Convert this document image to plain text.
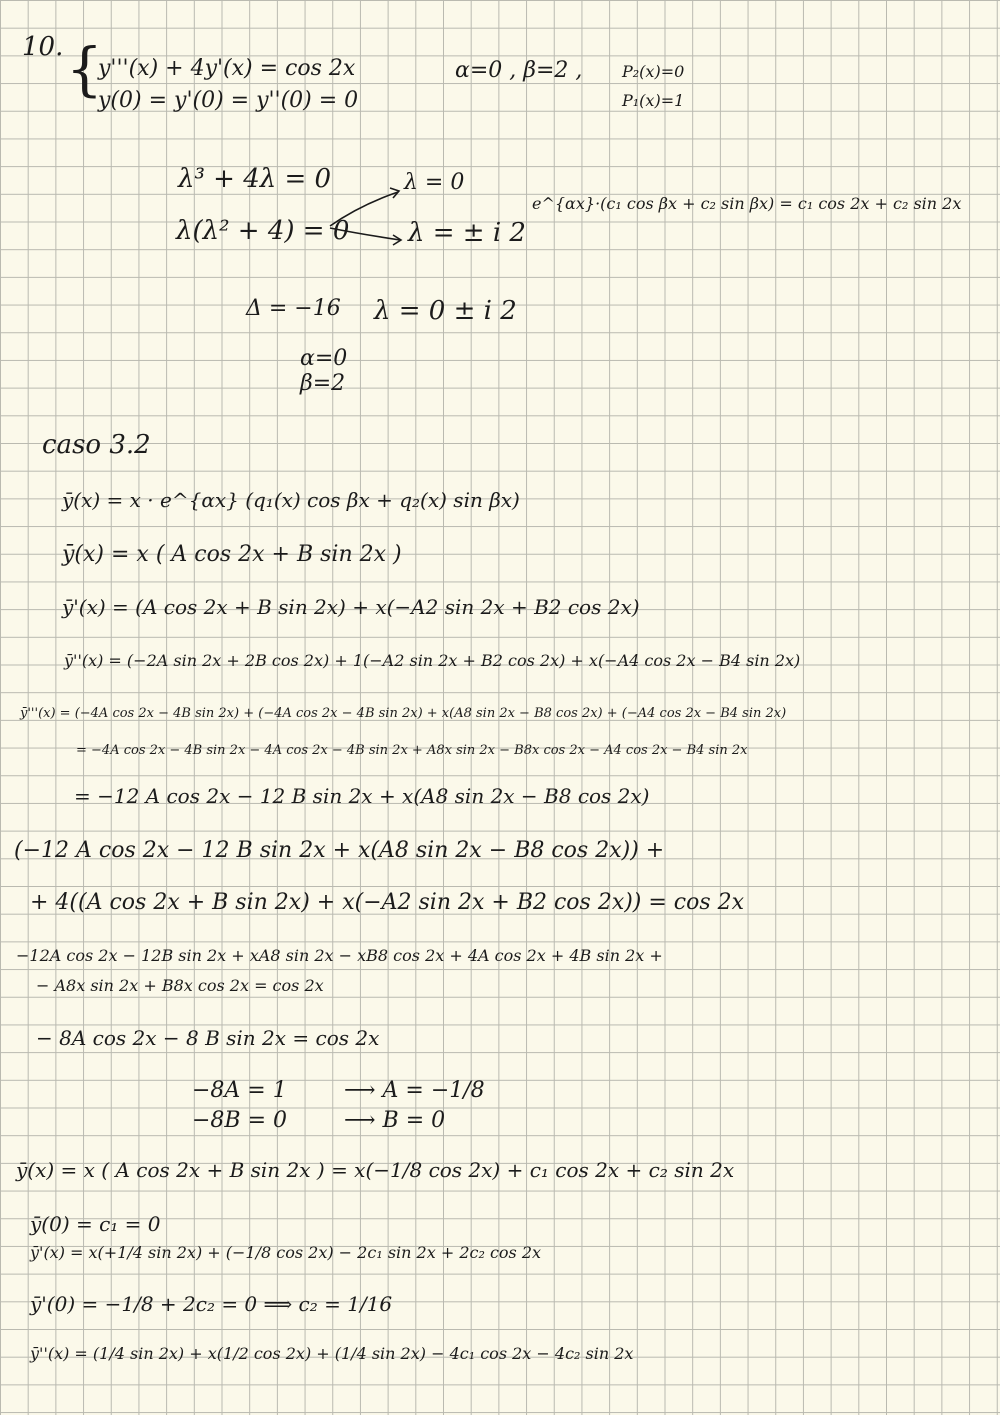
10. {
y'''(x) + 4y'(x) = cos 2x
y(0) = y'(0) = y''(0) = 0
α=0 , β=2 , P₂(x)=0
P₁(x)=1
λ³ + 4λ = 0
λ(λ² + 4) = 0
λ = 0
λ = ± i 2
e^{αx}·(c₁ cos βx + c₂ sin βx) = c₁ cos 2x + c₂ sin 2x
Δ = −16 λ = 0 ± i 2
α=0
β=2
caso 3.2
ȳ(x) = x · e^{αx} (q₁(x) cos βx + q₂(x) sin βx)
ȳ(x) = x ( A cos 2x + B sin 2x )
ȳ'(x) = (A cos 2x + B sin 2x) + x(−A2 sin 2x + B2 cos 2x)
ȳ''(x) = (−2A sin 2x + 2B cos 2x) + 1(−A2 sin 2x + B2 cos 2x) + x(−A4 cos 2x − B4 sin 2x)
ȳ'''(x) = (−4A cos 2x − 4B sin 2x) + (−4A cos 2x − 4B sin 2x) + x(A8 sin 2x − B8 cos 2x) + (−A4 cos 2x − B4 sin 2x)
= −4A cos 2x − 4B sin 2x − 4A cos 2x − 4B sin 2x + A8x sin 2x − B8x cos 2x − A4 cos 2x − B4 sin 2x
= −12 A cos 2x − 12 B sin 2x + x(A8 sin 2x − B8 cos 2x)
(−12 A cos 2x − 12 B sin 2x + x(A8 sin 2x − B8 cos 2x)) +
+ 4((A cos 2x + B sin 2x) + x(−A2 sin 2x + B2 cos 2x)) = cos 2x
−12A cos 2x − 12B sin 2x + xA8 sin 2x − xB8 cos 2x + 4A cos 2x + 4B sin 2x +
− A8x sin 2x + B8x cos 2x = cos 2x
− 8A cos 2x − 8 B sin 2x = cos 2x
−8A = 1	⟶ A = −1/8
−8B = 0	⟶ B = 0
ȳ(x) = x ( A cos 2x + B sin 2x ) = x(−1/8 cos 2x) + c₁ cos 2x + c₂ sin 2x
ȳ(0) = c₁ = 0
ȳ'(x) = x(+1/4 sin 2x) + (−1/8 cos 2x) − 2c₁ sin 2x + 2c₂ cos 2x
ȳ'(0) = −1/8 + 2c₂ = 0 ⟹ c₂ = 1/16
ȳ''(x) = (1/4 sin 2x) + x(1/2 cos 2x) + (1/4 sin 2x) − 4c₁ cos 2x − 4c₂ sin 2x
